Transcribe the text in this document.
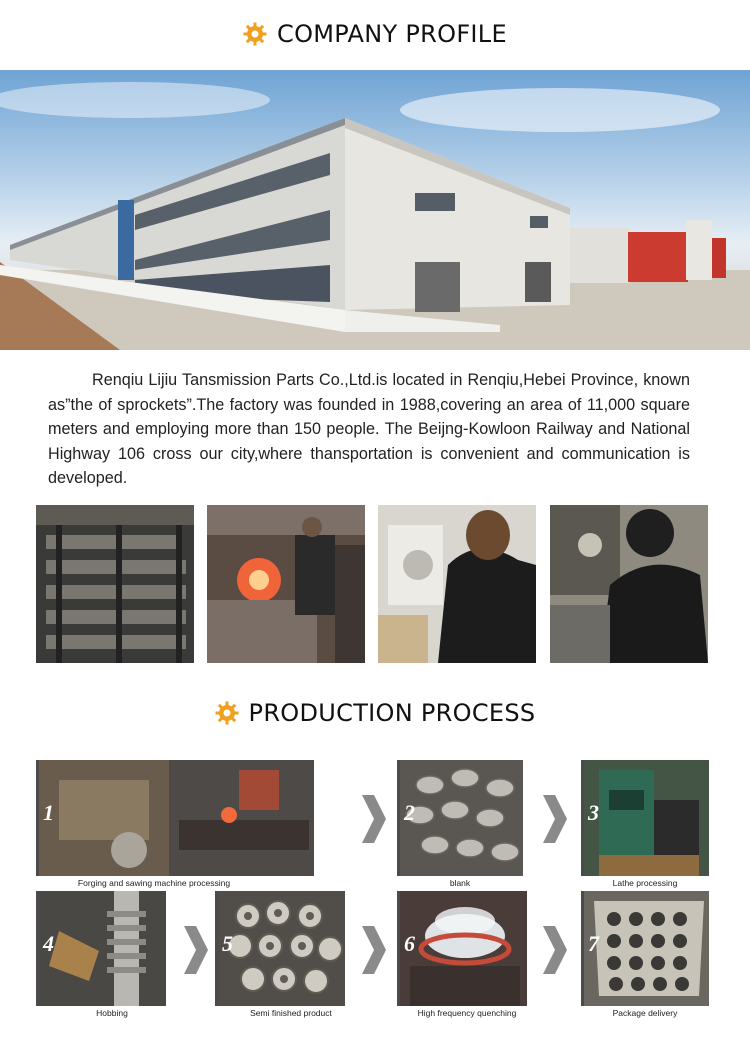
COMPANY PROFILE

Renqiu Lijiu Tansmission Parts Co.,Ltd.is located in Renqiu,Hebei Province, known as”the of sprockets”.The factory was founded in 1988,covering an area of 11,000 square meters and employing more than 150 people. The Beijng-Kowloon Railway and National Highway 106 cross our city,where thansportation is convenient and communication is developed.

PRODUCTION PROCESS
1
Forging and sawing machine processing
2
blank
3
Lathe processing
4
Hobbing
5
Semi finished product
6
High frequency quenching
7
Package delivery
